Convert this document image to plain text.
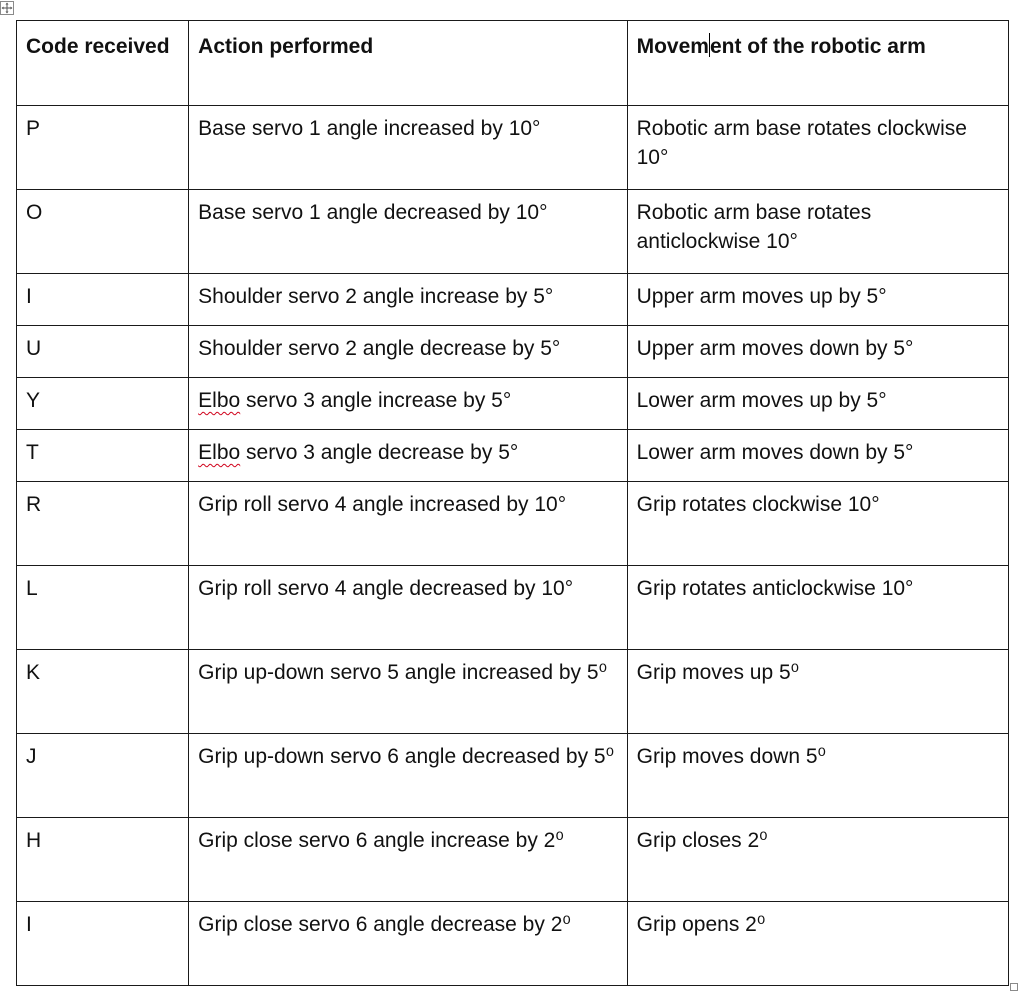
Code received	Action performed	Movement of the robotic arm
P	Base servo 1 angle increased by 10°	Robotic arm base rotates clockwise 10°
O	Base servo 1 angle decreased by 10°	Robotic arm base rotates anticlockwise 10°
I	Shoulder servo 2 angle increase by 5°	Upper arm moves up by 5°
U	Shoulder servo 2 angle decrease by 5°	Upper arm moves down by 5°
Y	Elbo servo 3 angle increase by 5°	Lower arm moves up by 5°
T	Elbo servo 3 angle decrease by 5°	Lower arm moves down by 5°
R	Grip roll servo 4 angle increased by 10°	Grip rotates clockwise 10°
L	Grip roll servo 4 angle decreased by 10°	Grip rotates anticlockwise 10°
K	Grip up-down servo 5 angle increased by 5⁰	Grip moves up 5⁰
J	Grip up-down servo 6 angle decreased by 5⁰	Grip moves down 5⁰
H	Grip close servo 6 angle increase by 2⁰	Grip closes 2⁰
I	Grip close servo 6 angle decrease by 2⁰	Grip opens 2⁰
